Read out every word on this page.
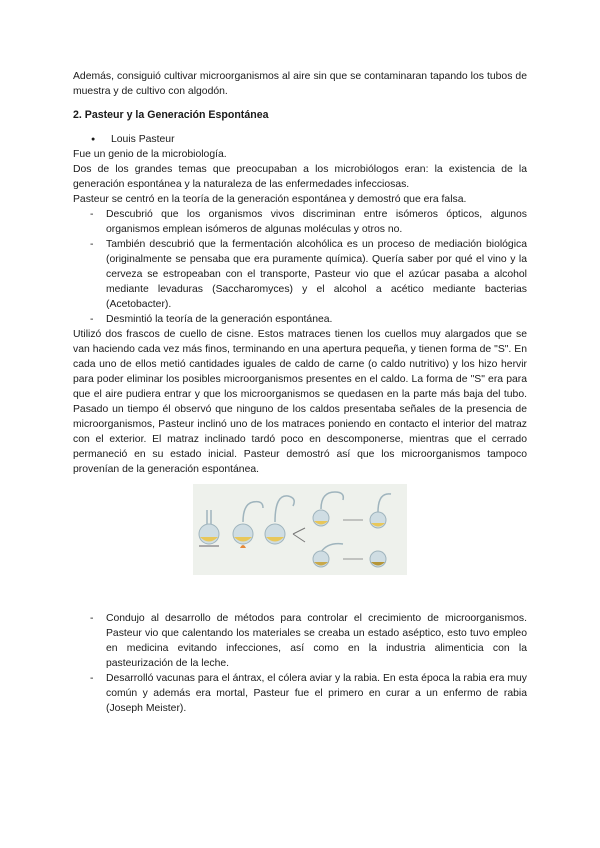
Además, consiguió cultivar microorganismos al aire sin que se contaminaran tapando los tubos de muestra y de cultivo con algodón.

2. Pasteur y la Generación Espontánea
●	Louis Pasteur

Fue un genio de la microbiología.

Dos de los grandes temas que preocupaban a los microbiólogos eran: la existencia de la generación espontánea y la naturaleza de las enfermedades infecciosas.

Pasteur se centró en la teoría de la generación espontánea y demostró que era falsa.

-	Descubrió que los organismos vivos discriminan entre isómeros ópticos, algunos organismos emplean isómeros de algunas moléculas y otros no.
-	También descubrió que la fermentación alcohólica es un proceso de mediación biológica (originalmente se pensaba que era puramente química). Quería saber por qué el vino y la cerveza se estropeaban con el transporte, Pasteur vio que el azúcar pasaba a alcohol mediante levaduras (Saccharomyces) y el alcohol a acético mediante bacterias (Acetobacter).
-	Desmintió la teoría de la generación espontánea.

Utilizó dos frascos de cuello de cisne. Estos matraces tienen los cuellos muy alargados que se van haciendo cada vez más finos, terminando en una apertura pequeña, y tienen forma de "S". En cada uno de ellos metió cantidades iguales de caldo de carne (o caldo nutritivo) y los hizo hervir para poder eliminar los posibles microorganismos presentes en el caldo. La forma de "S" era para que el aire pudiera entrar y que los microorganismos se quedasen en la parte más baja del tubo. Pasado un tiempo él observó que ninguno de los caldos presentaba señales de la presencia de microorganismos, Pasteur inclinó uno de los matraces poniendo en contacto el interior del matraz con el exterior. El matraz inclinado tardó poco en descomponerse, mientras que el cerrado permaneció en su estado inicial. Pasteur demostró así que los microorganismos tampoco provenían de la generación espontánea.

-	Condujo al desarrollo de métodos para controlar el crecimiento de microorganismos. Pasteur vio que calentando los materiales se creaba un estado aséptico, esto tuvo empleo en medicina evitando infecciones, así como en la industria alimenticia con la pasteurización de la leche.
-	Desarrolló vacunas para el ántrax, el cólera aviar y la rabia. En esta época la rabia era muy común y además era mortal, Pasteur fue el primero en curar a un enfermo de rabia (Joseph Meister).
